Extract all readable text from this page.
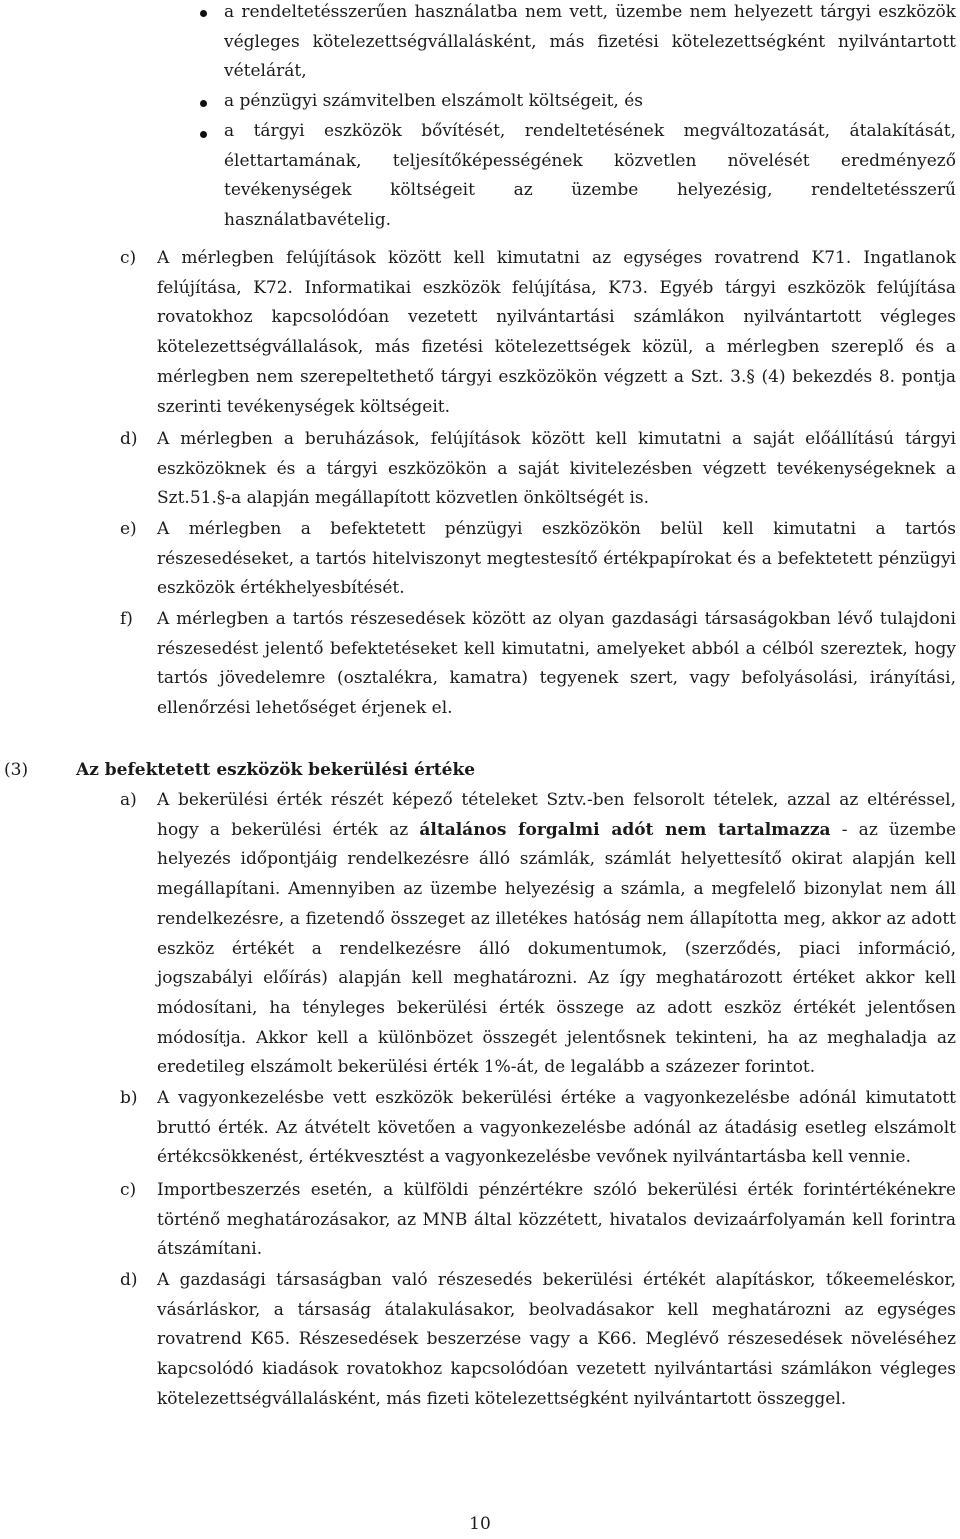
a rendeltetésszerűen használatba nem vett, üzembe nem helyezett tárgyi eszközök végleges kötelezettségvállalásként, más fizetési kötelezettségként nyilvántartott vételárát,

a pénzügyi számvitelben elszámolt költségeit, és

a tárgyi eszközök bővítését, rendeltetésének megváltozatását, átalakítását, élettartamának, teljesítőképességének közvetlen növelését eredményező tevékenységek költségeit az üzembe helyezésig, rendeltetésszerű használatbavételig.

c) A mérlegben felújítások között kell kimutatni az egységes rovatrend K71. Ingatlanok felújítása, K72. Informatikai eszközök felújítása, K73. Egyéb tárgyi eszközök felújítása rovatokhoz kapcsolódóan vezetett nyilvántartási számlákon nyilvántartott végleges kötelezettségvállalások, más fizetési kötelezettségek közül, a mérlegben szereplő és a mérlegben nem szerepeltethető tárgyi eszközökön végzett a Szt. 3.§ (4) bekezdés 8. pontja szerinti tevékenységek költségeit.

d) A mérlegben a beruházások, felújítások között kell kimutatni a saját előállítású tárgyi eszközöknek és a tárgyi eszközökön a saját kivitelezésben végzett tevékenységeknek a Szt.51.§-a alapján megállapított közvetlen önköltségét is.

e) A mérlegben a befektetett pénzügyi eszközökön belül kell kimutatni a tartós részesedéseket, a tartós hitelviszonyt megtestesítő értékpapírokat és a befektetett pénzügyi eszközök értékhelyesbítését.

f) A mérlegben a tartós részesedések között az olyan gazdasági társaságokban lévő tulajdoni részesedést jelentő befektetéseket kell kimutatni, amelyeket abból a célból szereztek, hogy tartós jövedelemre (osztalékra, kamatra) tegyenek szert, vagy befolyásolási, irányítási, ellenőrzési lehetőséget érjenek el.

(3)	Az befektetett eszközök bekerülési értéke
a) A bekerülési érték részét képező tételeket Sztv.-ben felsorolt tételek, azzal az eltéréssel, hogy a bekerülési érték az általános forgalmi adót nem tartalmazza - az üzembe helyezés időpontjáig rendelkezésre álló számlák, számlát helyettesítő okirat alapján kell megállapítani. Amennyiben az üzembe helyezésig a számla, a megfelelő bizonylat nem áll rendelkezésre, a fizetendő összeget az illetékes hatóság nem állapította meg, akkor az adott eszköz értékét a rendelkezésre álló dokumentumok, (szerződés, piaci információ, jogszabályi előírás) alapján kell meghatározni. Az így meghatározott értéket akkor kell módosítani, ha tényleges bekerülési érték összege az adott eszköz értékét jelentősen módosítja. Akkor kell a különbözet összegét jelentősnek tekinteni, ha az meghaladja az eredetileg elszámolt bekerülési érték 1%-át, de legalább a százezer forintot.

b) A vagyonkezelésbe vett eszközök bekerülési értéke a vagyonkezelésbe adónál kimutatott bruttó érték. Az átvételt követően a vagyonkezelésbe adónál az átadásig esetleg elszámolt értékcsökkenést, értékvesztést a vagyonkezelésbe vevőnek nyilvántartásba kell vennie.

c) Importbeszerzés esetén, a külföldi pénzértékre szóló bekerülési érték forintértékénekre történő meghatározásakor, az MNB által közzétett, hivatalos devizaárfolyamán kell forintra átszámítani.

d) A gazdasági társaságban való részesedés bekerülési értékét alapításkor, tőkeemeléskor, vásárláskor, a társaság átalakulásakor, beolvadásakor kell meghatározni az egységes rovatrend K65. Részesedések beszerzése vagy a K66. Meglévő részesedések növeléséhez kapcsolódó kiadások rovatokhoz kapcsolódóan vezetett nyilvántartási számlákon végleges kötelezettségvállalásként, más fizeti kötelezettségként nyilvántartott összeggel.

10
